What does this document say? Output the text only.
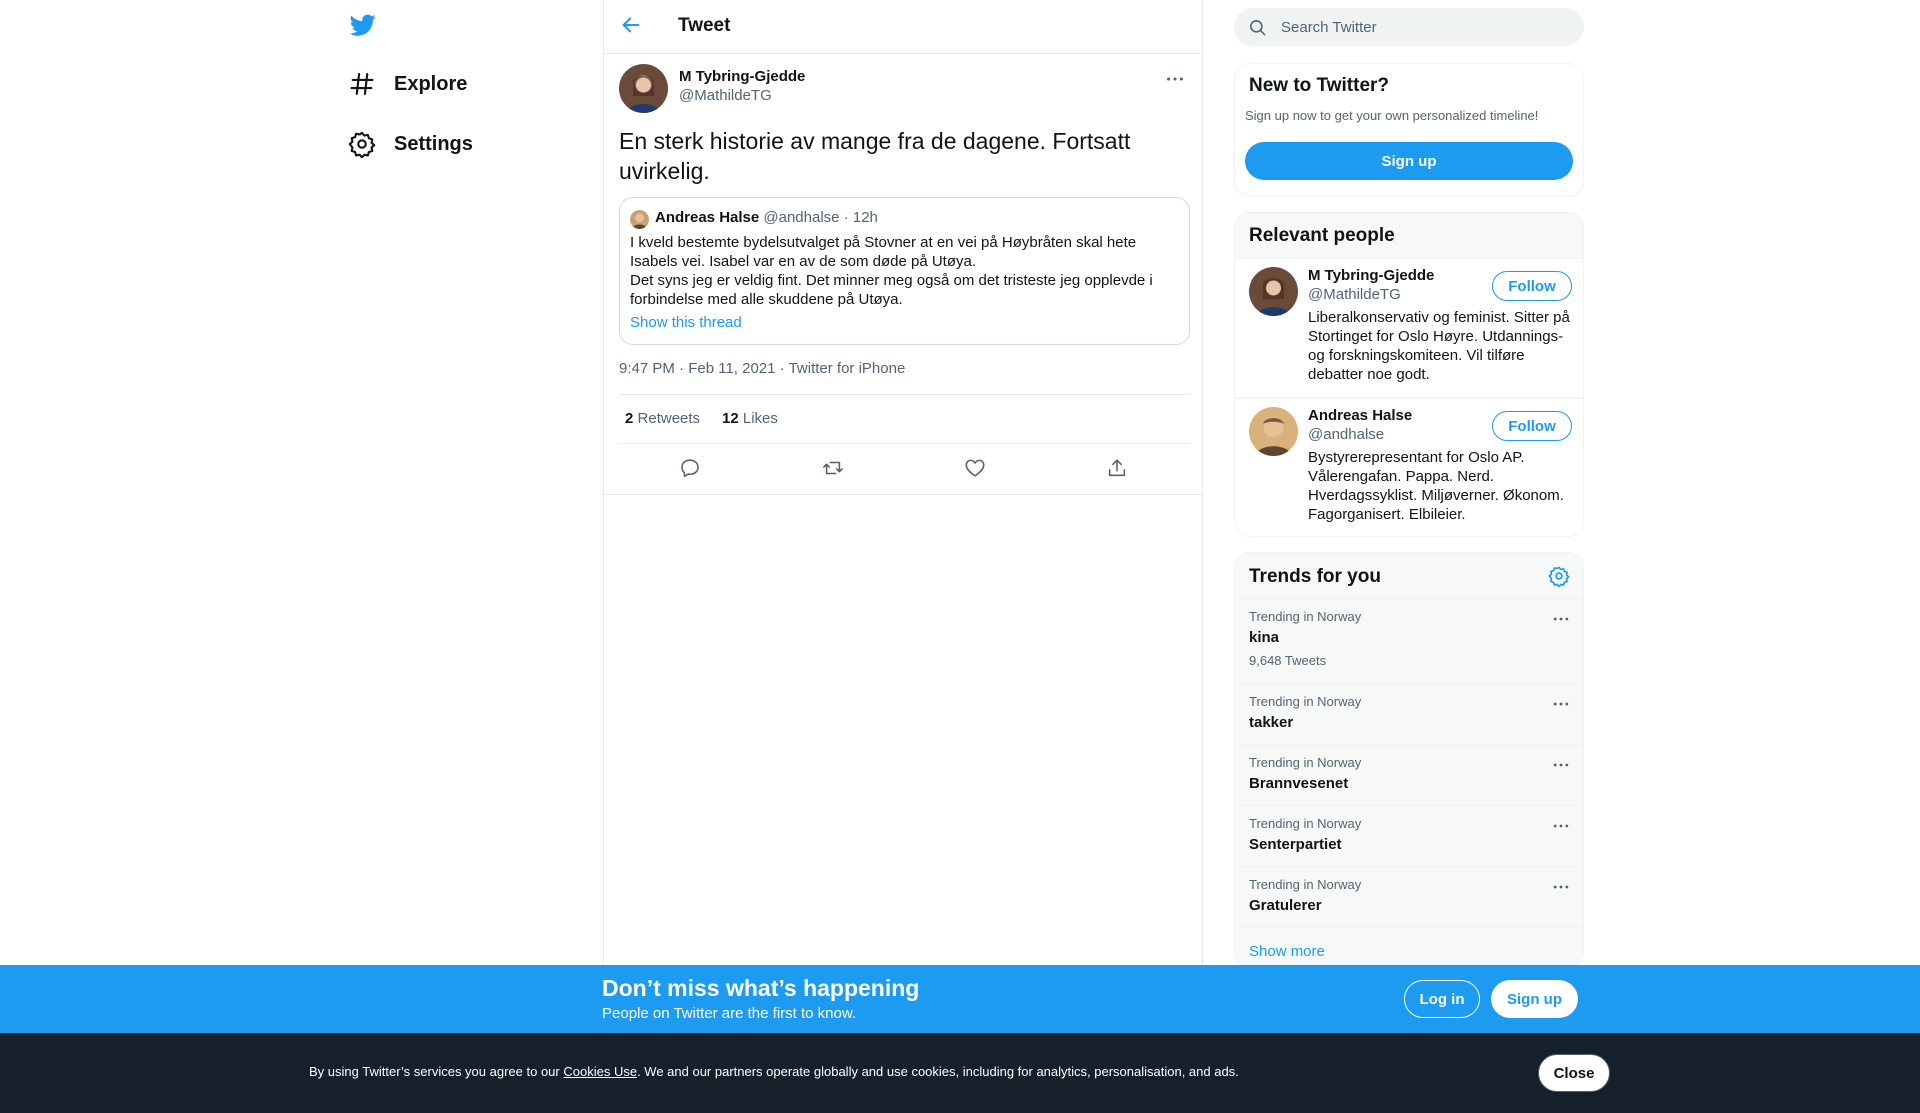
Explore
Settings
Tweet
M Tybring-Gjedde
@MathildeTG
En sterk historie av mange fra de dagene. Fortsatt uvirkelig.
Andreas Halse @andhalse · 12h
I kveld bestemte bydelsutvalget på Stovner at en vei på Høybråten skal hete Isabels vei. Isabel var en av de som døde på Utøya.
Det syns jeg er veldig fint. Det minner meg også om det tristeste jeg opplevde i forbindelse med alle skuddene på Utøya.
Show this thread
9:47 PM · Feb 11, 2021 · Twitter for iPhone
2 Retweets 12 Likes
Search Twitter
New to Twitter?
Sign up now to get your own personalized timeline!
Sign up
Relevant people
M Tybring-Gjedde
@MathildeTG
Liberalkonservativ og feminist. Sitter på Stortinget for Oslo Høyre. Utdannings- og forskningskomiteen. Vil tilføre debatter noe godt.
Follow
Andreas Halse
@andhalse
Bystyrerepresentant for Oslo AP. Vålerengafan. Pappa. Nerd. Hverdagssyklist. Miljøverner. Økonom. Fagorganisert. Elbileier.
Follow
Trends for you
Trending in Norway
kina
9,648 Tweets
Trending in Norway
takker
Trending in Norway
Brannvesenet
Trending in Norway
Senterpartiet
Trending in Norway
Gratulerer
Show more
Don’t miss what’s happening
People on Twitter are the first to know.
Log in	Sign up
By using Twitter’s services you agree to our Cookies Use. We and our partners operate globally and use cookies, including for analytics, personalisation, and ads.	Close
